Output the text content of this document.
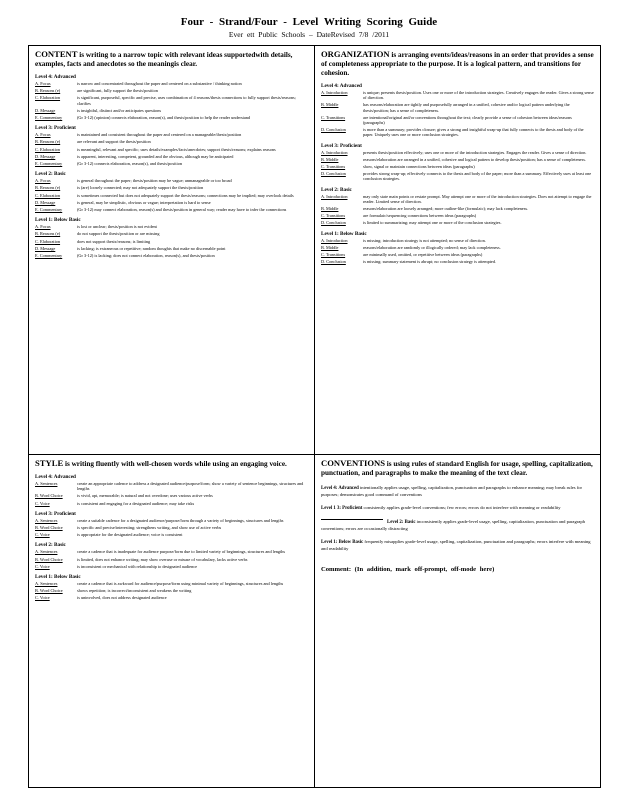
Four - Strand/Four - Level Writing Scoring Guide
Ever ett Public Schools – DateRevised 7/8 /2011
CONTENT is writing to a narrow topic with relevant ideas supportedwith details, examples, facts and anecdotes so the meaningis clear.
Level 4: Advanced
A. Focus	is narrow and concentrated throughout the paper and centered on a substantive / thinking notion
B. Reasons (e)	are significant, fully support the thesis/position
C. Elaboration	is significant, purposeful, specific and precise, uses combination of 4 reasons/thesis connections to fully support thesis/reasons; clarifies
D. Message	is insightful, distinct and/or anticipates questions
E. Commentary	(Gr 3-12) (opinion) connects elaboration, reason(s), and thesis/position to help the reader understand
Level 3: Proficient
A. Focus	is maintained and consistent throughout the paper and centered on a manageable/thesis/position
B. Reasons (e)	are relevant and support the thesis/position
C. Elaboration	is meaningful, relevant and specific; uses details/examples/facts/anecdotes; support thesis/reasons; explains reasons
D. Message	is apparent, interesting, competent, grounded and the obvious, although may be anticipated
E. Commentary	(Gr 3-12) connects elaboration, reason(s), and thesis/position
Level 2: Basic
A. Focus	is general throughout the paper; thesis/position may be vague; unmanageable or too broad
B. Reasons (e)	is (are) loosely connected; may not adequately support the thesis/position
C. Elaboration	is sometimes connected but does not adequately support the thesis/reasons; connections may be implied; may overlook details
D. Message	is general, may be simplistic, obvious or vague; interpretation is hard to sense
E. Commentary	(Gr 3-12) may connect elaboration, reason(s) and thesis/position in general way; reader may have to infer the connections
Level 1: Below Basic
A. Focus	is lost or unclear; thesis/position is not evident
B. Reasons (e)	do not support the thesis/position or are missing
C. Elaboration	does not support thesis/reasons; is limiting
D. Message	is lacking; is extraneous or repetitive; random thoughts that make no discernable point
E. Commentary	(Gr 3-12) is lacking; does not connect elaboration, reason(s), and thesis/position
ORGANIZATION is arranging events/ideas/reasons in an order that provides a sense of completeness appropriate to the purpose. It is a logical pattern, and transitions for cohesion.
Level 4: Advanced
A. Introduction	is unique; presents thesis/position. Uses one or more of the introduction strategies. Creatively engages the reader. Gives a strong sense of direction.
B. Middle	has reasons/elaboration are tightly and purposefully arranged in a unified, cohesive and/or logical pattern underlying the thesis/position; has a sense of completeness.
C. Transitions	are intentional/original and/or conventions throughout the text; clearly provide a sense of cohesion between ideas/reasons (paragraphs)
D. Conclusion	is more than a summary; provides closure; gives a strong and insightful wrap-up that fully connects to the thesis and body of the paper. Uniquely uses one or more conclusion strategies.
Level 3: Proficient
A. Introduction	presents thesis/position effectively; uses one or more of the introduction strategies. Engages the reader. Gives a sense of direction.
B. Middle	reasons/elaboration are arranged in a unified, cohesive and logical pattern to develop thesis/position; has a sense of completeness.
C. Transitions	show, signal or maintain connections between ideas (paragraphs)
D. Conclusion	provides strong wrap-up; effectively connects to the thesis and body of the paper; more than a summary. Effectively uses at least one conclusion strategies.
Level 2: Basic
A. Introduction	may only state main points or restate prompt. May attempt one or more of the introduction strategies. Does not attempt to engage the reader. Limited sense of direction.
B. Middle	reasons/elaboration are loosely arranged; more outline-like (formulaic); may lack completeness.
C. Transitions	are formulaic/sequencing connections between ideas (paragraphs)
D. Conclusion	is limited to summarizing; may attempt one or more of the conclusion strategies.
Level 1: Below Basic
A. Introduction	is missing; introduction strategy is not attempted; no sense of direction.
B. Middle	reasons/elaboration are randomly or illogically ordered; may lack completeness.
C. Transitions	are minimally used, omitted, or repetitive between ideas (paragraphs)
D. Conclusion	is missing; summary statement is abrupt; no conclusion strategy is attempted.
STYLE is writing fluently with well-chosen words while using an engaging voice.
Level 4: Advanced
A. Sentences	create an appropriate cadence to address a designated audience/purpose/form; show a variety of sentence beginnings, structures and lengths
B. Word Choice	is vivid, apt, memorable; is natural and not overdone; uses various active verbs
C. Voice	is consistent and engaging for a designated audience; may take risks
Level 3: Proficient
A. Sentences	create a suitable cadence for a designated audience/purpose/form through a variety of beginnings, structures and lengths
B. Word Choice	is specific and precise/interesting; strengthens writing, and show use of active verbs
C. Voice	is appropriate for the designated audience; voice is consistent
Level 2: Basic
A. Sentences	create a cadence that is inadequate for audience purpose/form due to limited variety of beginnings, structures and lengths
B. Word Choice	is limited, does not enhance writing; may show overuse or misuse of vocabulary, lacks active verbs
C. Voice	is inconsistent or mechanical with relationship to designated audience
Level 1: Below Basic
A. Sentences	create a cadence that is awkward for audience/purpose/form using minimal variety of beginnings, structures and lengths
B. Word Choice	shows repetition; is incorrect/inconsistent and weakens the writing
C. Voice	is uninvolved, does not address designated audience
CONVENTIONS is using rules of standard English for usage, spelling, capitalization, punctuation, and paragraphs to make the meaning of the text clear.
Level 4: Advanced intentionally applies usage, spelling, capitalization, punctuation and paragraphs to enhance meaning; may break rules for purposes; demonstrates good command of conventions
Level 1 3: Proficient consistently applies grade-level conventions; few errors; errors do not interfere with meaning or readability
Level 2: Basic inconsistently applies grade-level usage, spelling, capitalization, punctuation and paragraph conventions; errors are occasionally distracting
Level 1: Below Basic frequently misapplies grade-level usage, spelling, capitalization, punctuation and paragraphs; errors interfere with meaning and readability
Comment: (In addition, mark off-prompt, off-mode here)
